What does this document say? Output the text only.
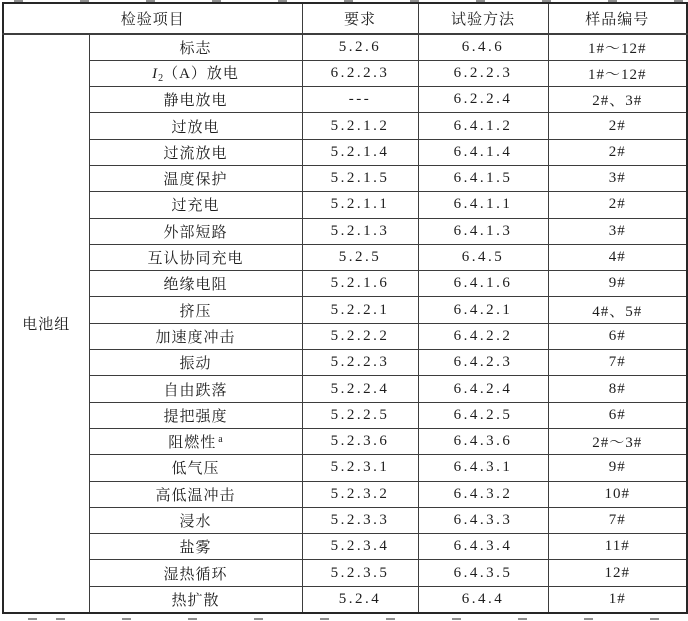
检验项目		要求	试验方法	样品编号
电池组	标志	5.2.6	6.4.6	1#～12#
	$I_2(A)$放电	6.2.2.3	6.2.2.3	1#～12#
	静电放电	---	6.2.2.4	2#、3#
	过放电	5.2.1.2	6.4.1.2	2#
	过流放电	5.2.1.4	6.4.1.4	2#
	温度保护	5.2.1.5	6.4.1.5	3#
	过充电	5.2.1.1	6.4.1.1	2#
	外部短路	5.2.1.3	6.4.1.3	3#
	互认协同充电	5.2.5	6.4.5	4#
	绝缘电阻	5.2.1.6	6.4.1.6	9#
	挤压	5.2.2.1	6.4.2.1	4#、5#
	加速度冲击	5.2.2.2	6.4.2.2	6#
	振动	5.2.2.3	6.4.2.3	7#
	自由跌落	5.2.2.4	6.4.2.4	8#
	提把强度	5.2.2.5	6.4.2.5	6#
	阻燃性 $^a$	5.2.3.6	6.4.3.6	2#～3#
	低气压	5.2.3.1	6.4.3.1	9#
	高低温冲击	5.2.3.2	6.4.3.2	10#
	浸水	5.2.3.3	6.4.3.3	7#
	盐雾	5.2.3.4	6.4.3.4	11#
	湿热循环	5.2.3.5	6.4.3.5	12#
	热扩散	5.2.4	6.4.4	1#
